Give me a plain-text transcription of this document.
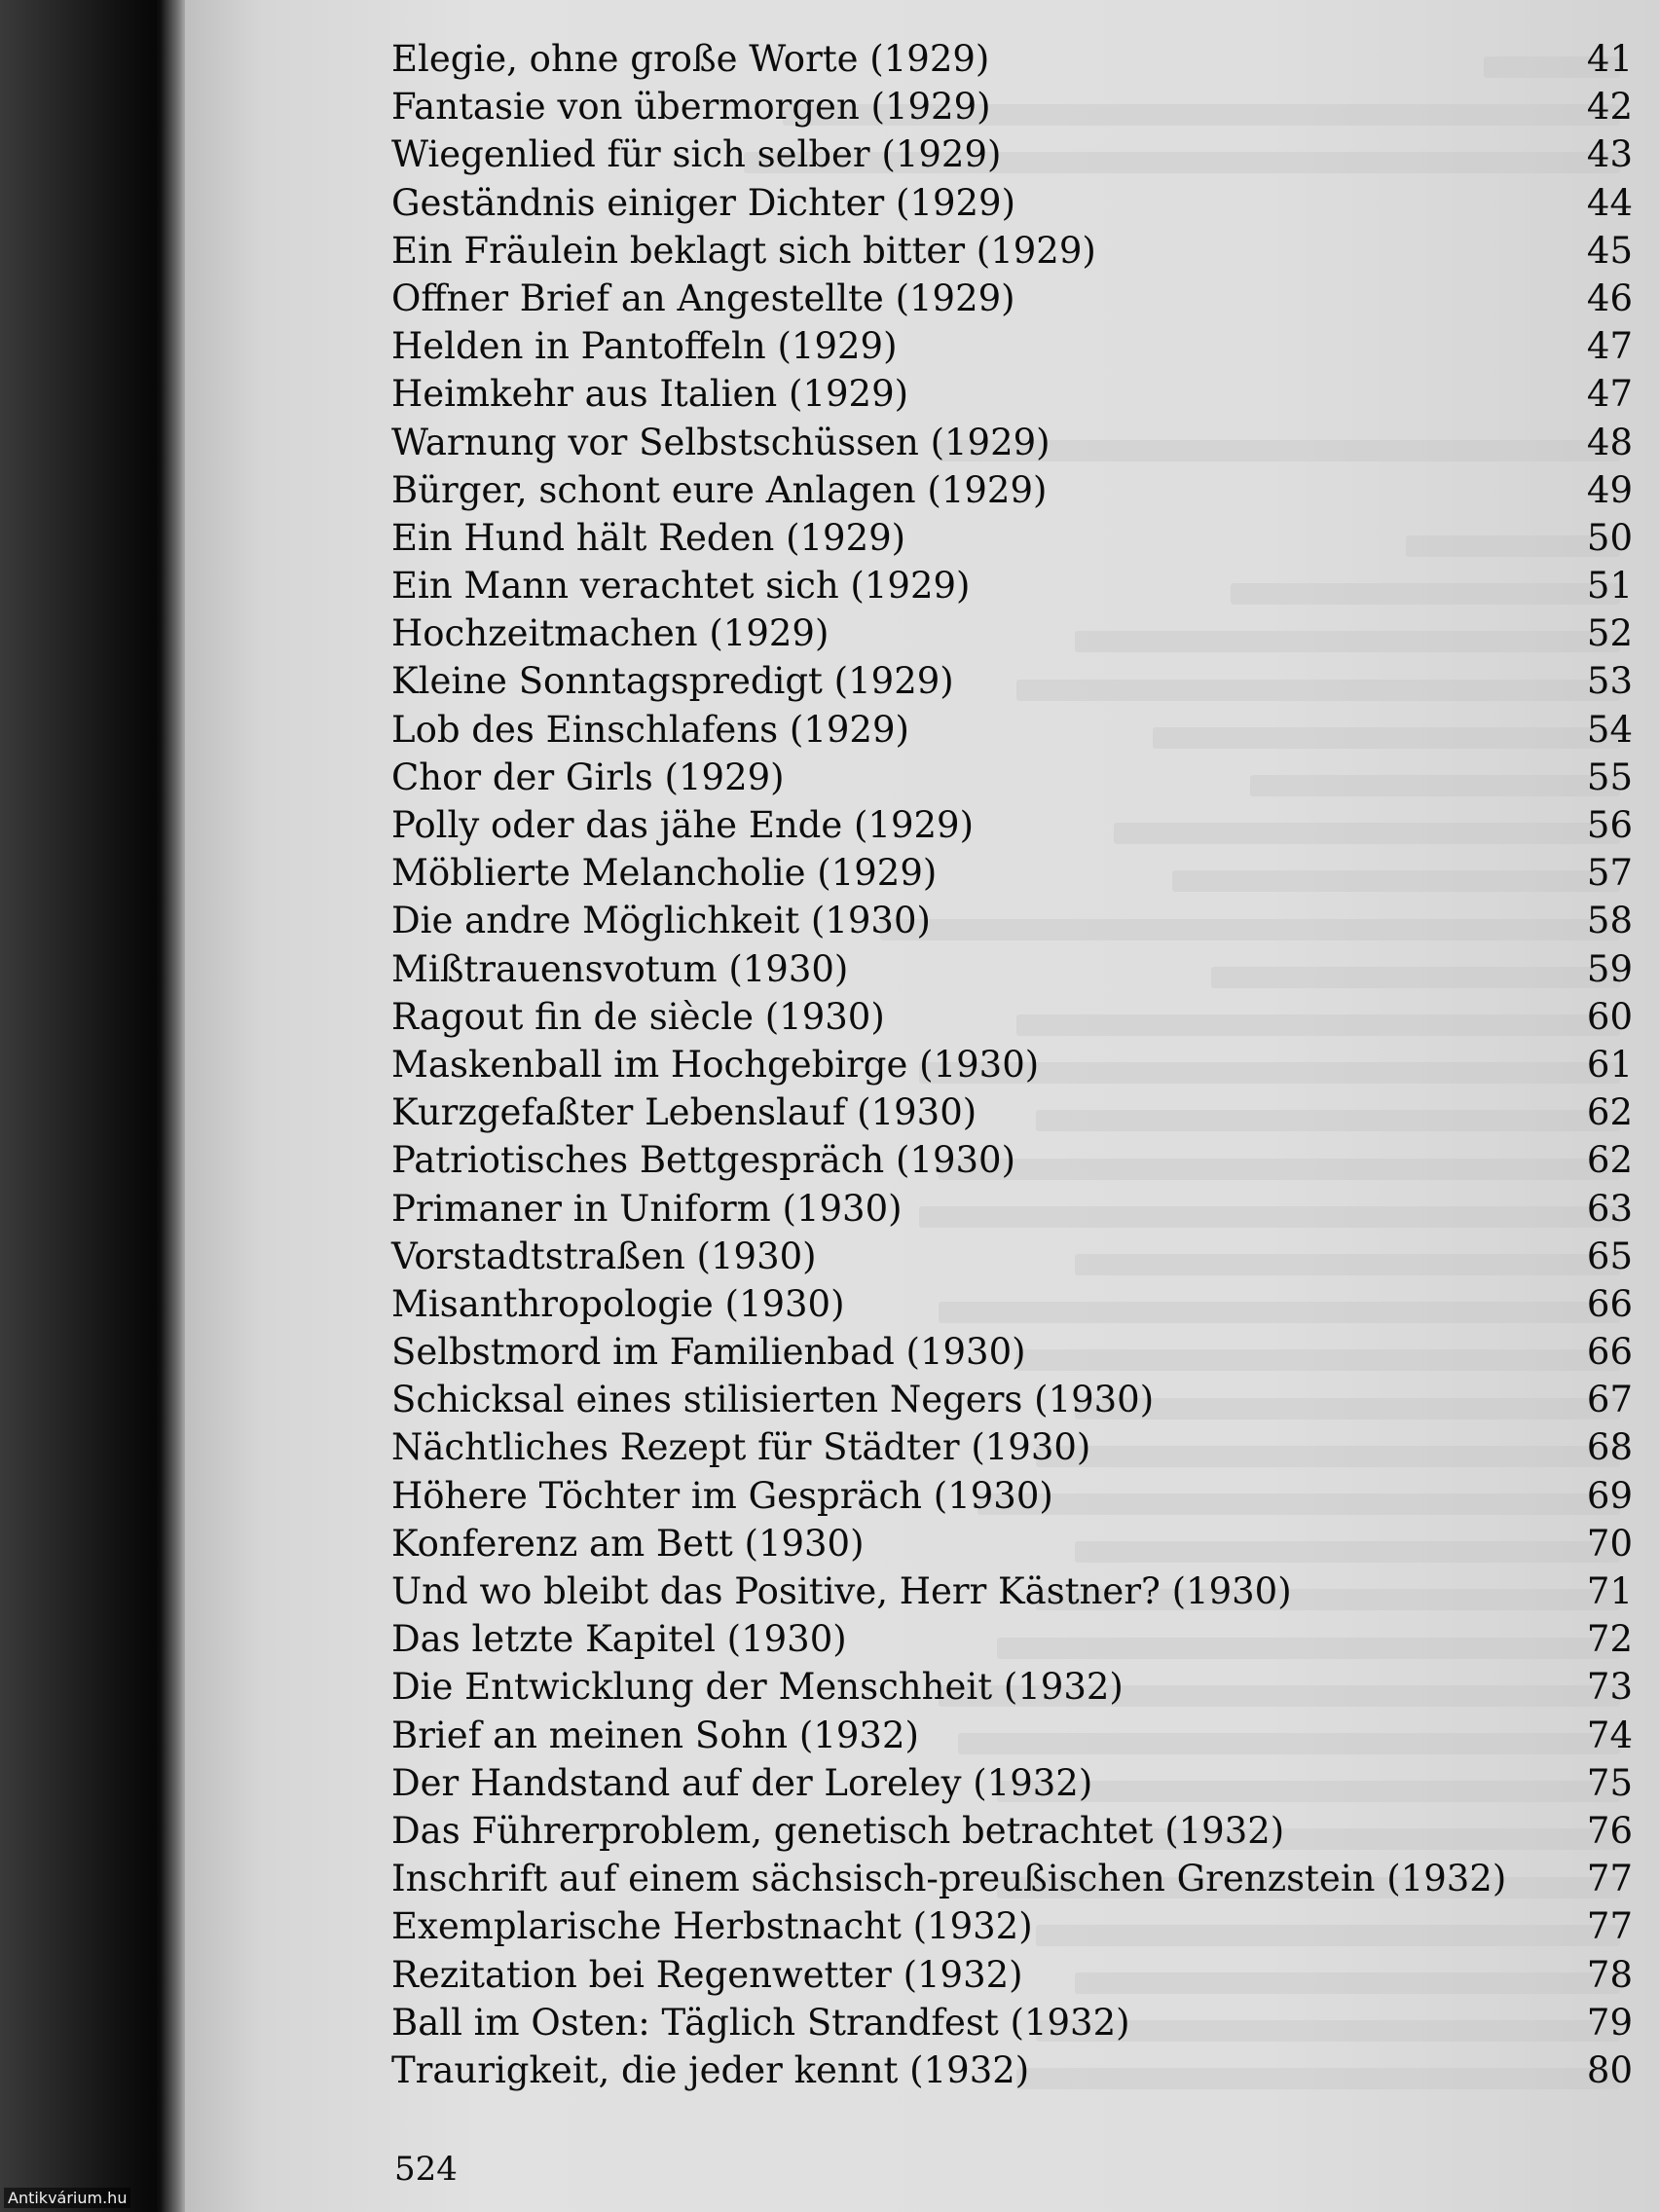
Elegie, ohne große Worte (1929)	41
Fantasie von übermorgen (1929)	42
Wiegenlied für sich selber (1929)	43
Geständnis einiger Dichter (1929)	44
Ein Fräulein beklagt sich bitter (1929)	45
Offner Brief an Angestellte (1929)	46
Helden in Pantoffeln (1929)	47
Heimkehr aus Italien (1929)	47
Warnung vor Selbstschüssen (1929)	48
Bürger, schont eure Anlagen (1929)	49
Ein Hund hält Reden (1929)	50
Ein Mann verachtet sich (1929)	51
Hochzeitmachen (1929)	52
Kleine Sonntagspredigt (1929)	53
Lob des Einschlafens (1929)	54
Chor der Girls (1929)	55
Polly oder das jähe Ende (1929)	56
Möblierte Melancholie (1929)	57
Die andre Möglichkeit (1930)	58
Mißtrauensvotum (1930)	59
Ragout fin de siècle (1930)	60
Maskenball im Hochgebirge (1930)	61
Kurzgefaßter Lebenslauf (1930)	62
Patriotisches Bettgespräch (1930)	62
Primaner in Uniform (1930)	63
Vorstadtstraßen (1930)	65
Misanthropologie (1930)	66
Selbstmord im Familienbad (1930)	66
Schicksal eines stilisierten Negers (1930)	67
Nächtliches Rezept für Städter (1930)	68
Höhere Töchter im Gespräch (1930)	69
Konferenz am Bett (1930)	70
Und wo bleibt das Positive, Herr Kästner? (1930)	71
Das letzte Kapitel (1930)	72
Die Entwicklung der Menschheit (1932)	73
Brief an meinen Sohn (1932)	74
Der Handstand auf der Loreley (1932)	75
Das Führerproblem, genetisch betrachtet (1932)	76
Inschrift auf einem sächsisch-preußischen Grenzstein (1932)	77
Exemplarische Herbstnacht (1932)	77
Rezitation bei Regenwetter (1932)	78
Ball im Osten: Täglich Strandfest (1932)	79
Traurigkeit, die jeder kennt (1932)	80
524
Antikvárium.hu
